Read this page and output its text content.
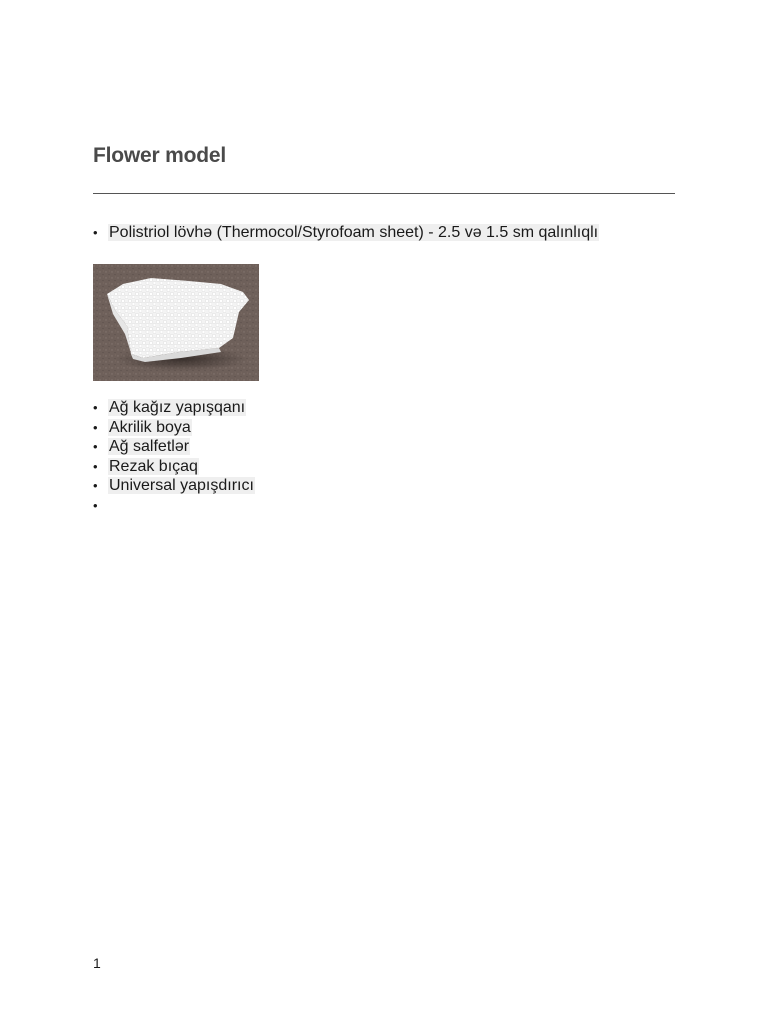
Flower model
• Polistriol lövhə (Thermocol/Styrofoam sheet) - 2.5 və 1.5 sm qalınlıqlı
• Ağ kağız yapışqanı
• Akrilik boya
• Ağ salfetlər
• Rezak bıçaq
• Universal yapışdırıcı
•
1
